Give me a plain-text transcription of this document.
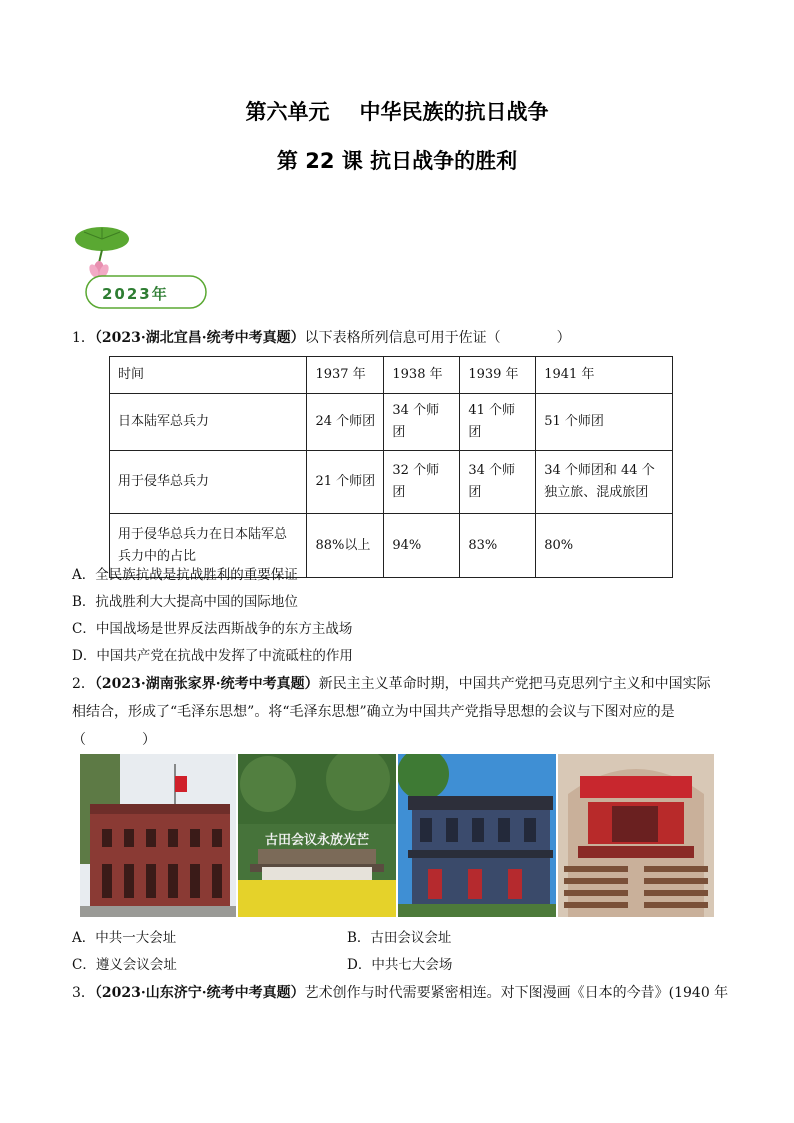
第六单元 中华民族的抗日战争
第 22 课 抗日战争的胜利
2023年
1．（2023·湖北宜昌·统考中考真题）以下表格所列信息可用于佐证（　　　　）
时间	1937 年	1938 年	1939 年	1941 年
日本陆军总兵力	24 个师团	34 个师团	41 个师团	51 个师团
用于侵华总兵力	21 个师团	32 个师团	34 个师团	34 个师团和 44 个独立旅、混成旅团
用于侵华总兵力在日本陆军总兵力中的占比	88%以上	94%	83%	80%
A．全民族抗战是抗战胜利的重要保证
B．抗战胜利大大提高中国的国际地位
C．中国战场是世界反法西斯战争的东方主战场
D．中国共产党在抗战中发挥了中流砥柱的作用
2．（2023·湖南张家界·统考中考真题）新民主主义革命时期，中国共产党把马克思列宁主义和中国实际
相结合，形成了“毛泽东思想”。将“毛泽东思想”确立为中国共产党指导思想的会议与下图对应的是
（　　　　）
古田会议永放光芒
A．中共一大会址	B．古田会议会址
C．遵义会议会址	D．中共七大会场
3．（2023·山东济宁·统考中考真题）艺术创作与时代需要紧密相连。对下图漫画《日本的今昔》(1940 年
